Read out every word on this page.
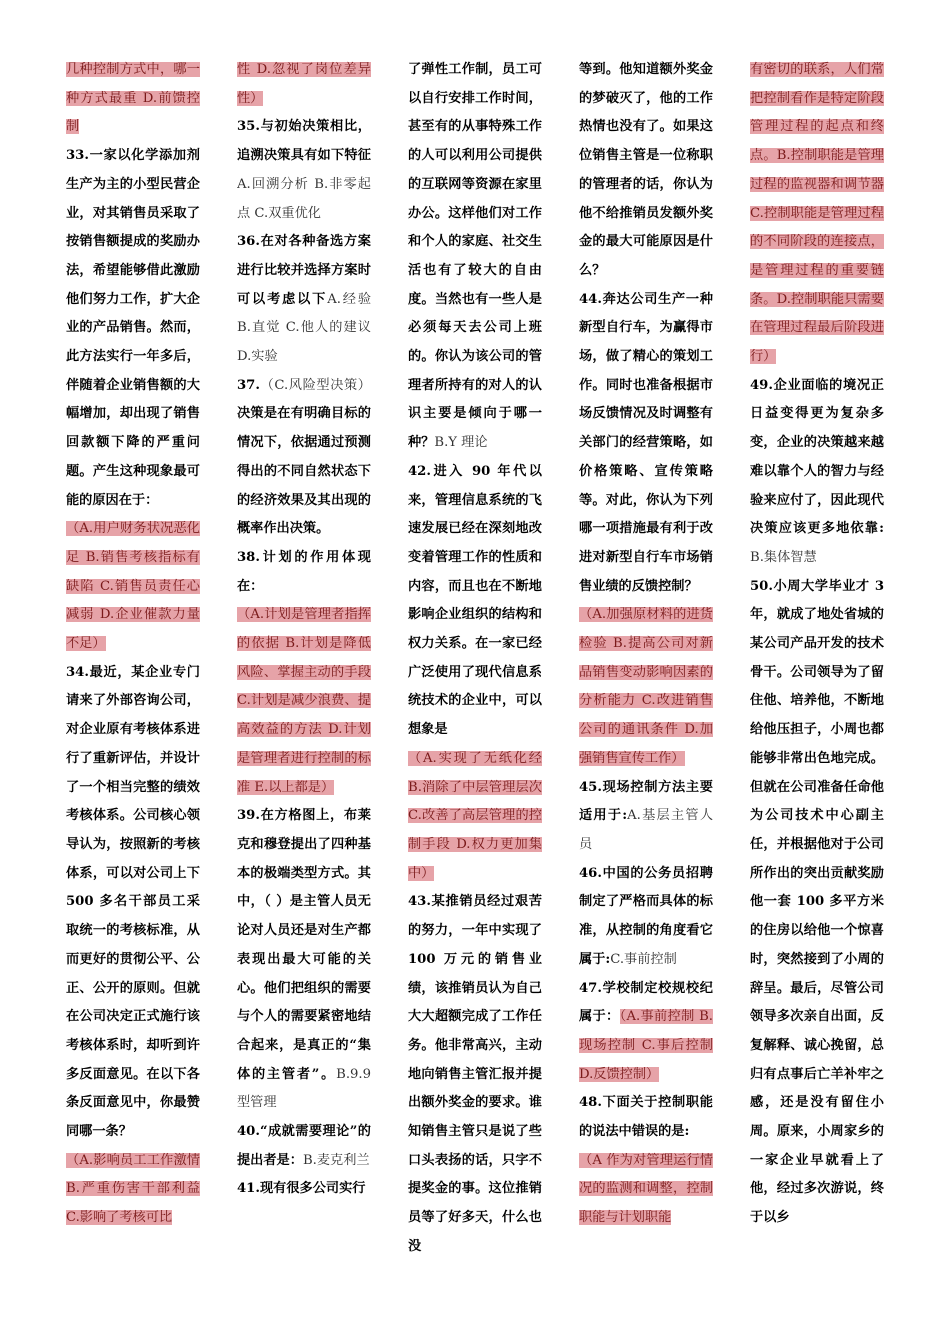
几种控制方式中，哪一种方式最重 D.前馈控制

33.一家以化学添加剂生产为主的小型民营企业，对其销售员采取了按销售额提成的奖励办法，希望能够借此激励他们努力工作，扩大企业的产品销售。然而，此方法实行一年多后，伴随着企业销售额的大幅增加，却出现了销售回款额下降的严重问题。产生这种现象最可能的原因在于：

（A.用户财务状况恶化足 B.销售考核指标有缺陷 C.销售员责任心减弱 D.企业催款力量不足）

34.最近，某企业专门请来了外部咨询公司，对企业原有考核体系进行了重新评估，并设计了一个相当完整的绩效考核体系。公司核心领导认为，按照新的考核体系，可以对公司上下 500 多名干部员工采取统一的考核标准，从而更好的贯彻公平、公正、公开的原则。但就在公司决定正式施行该考核体系时，却听到许多反面意见。在以下各条反面意见中，你最赞同哪一条？

（A.影响员工工作激情 B.严重伤害干部利益 C.影响了考核可比

性 D.忽视了岗位差异性）

35.与初始决策相比，追溯决策具有如下特征A.回溯分析 B.非零起点 C.双重优化

36.在对各种备选方案进行比较并选择方案时可以考虑以下A.经验 B.直觉 C.他人的建议 D.实验

37.（C.风险型决策）决策是在有明确目标的情况下，依据通过预测得出的不同自然状态下的经济效果及其出现的概率作出决策。

38.计划的作用体现在：

（A.计划是管理者指挥的依据 B.计划是降低风险、掌握主动的手段 C.计划是减少浪费、提高效益的方法 D.计划是管理者进行控制的标准 E.以上都是）

39.在方格图上，布莱克和穆登提出了四种基本的极端类型方式。其中，（ ）是主管人员无论对人员还是对生产都表现出最大可能的关心。他们把组织的需要与个人的需要紧密地结合起来，是真正的“集体的主管者”。B.9.9 型管理

40.“成就需要理论”的提出者是：B.麦克利兰

41.现有很多公司实行

了弹性工作制，员工可以自行安排工作时间，甚至有的从事特殊工作的人可以利用公司提供的互联网等资源在家里办公。这样他们对工作和个人的家庭、社交生活也有了较大的自由度。当然也有一些人是必须每天去公司上班的。你认为该公司的管理者所持有的对人的认识主要是倾向于哪一种？B.Y 理论

42.进入 90 年代以来，管理信息系统的飞速发展已经在深刻地改变着管理工作的性质和内容，而且也在不断地影响企业组织的结构和权力关系。在一家已经广泛使用了现代信息系统技术的企业中，可以想象是

（A.实现了无纸化经 B.消除了中层管理层次 C.改善了高层管理的控制手段 D.权力更加集中）

43.某推销员经过艰苦的努力，一年中实现了 100 万元的销售业绩，该推销员认为自己大大超额完成了工作任务。他非常高兴，主动地向销售主管汇报并提出额外奖金的要求。谁知销售主管只是说了些口头表扬的话，只字不提奖金的事。这位推销员等了好多天，什么也没

等到。他知道额外奖金的梦破灭了，他的工作热情也没有了。如果这位销售主管是一位称职的管理者的话，你认为他不给推销员发额外奖金的最大可能原因是什么？

44.奔达公司生产一种新型自行车，为赢得市场，做了精心的策划工作。同时也准备根据市场反馈情况及时调整有关部门的经营策略，如价格策略、宣传策略等。对此，你认为下列哪一项措施最有利于改进对新型自行车市场销售业绩的反馈控制？

（A.加强原材料的进货检验 B.提高公司对新品销售变动影响因素的分析能力 C.改进销售公司的通讯条件 D.加强销售宣传工作）

45.现场控制方法主要适用于:A.基层主管人员

46.中国的公务员招聘制定了严格而具体的标准，从控制的角度看它属于:C.事前控制

47.学校制定校规校纪属于：（A.事前控制 B.现场控制 C.事后控制 D.反馈控制）

48.下面关于控制职能的说法中错误的是:

（A 作为对管理运行情况的监测和调整，控制职能与计划职能

有密切的联系，人们常把控制看作是特定阶段管理过程的起点和终点。B.控制职能是管理过程的监视器和调节器 C.控制职能是管理过程的不同阶段的连接点，是管理过程的重要链条。D.控制职能只需要在管理过程最后阶段进行）

49.企业面临的境况正日益变得更为复杂多变，企业的决策越来越难以靠个人的智力与经验来应付了，因此现代决策应该更多地依靠:B.集体智慧

50.小周大学毕业才 3 年，就成了地处省城的某公司产品开发的技术骨干。公司领导为了留住他、培养他，不断地给他压担子，小周也都能够非常出色地完成。但就在公司准备任命他为公司技术中心副主任，并根据他对于公司所作出的突出贡献奖励他一套 100 多平方米的住房以给他一个惊喜时，突然接到了小周的辞呈。最后，尽管公司领导多次亲自出面，反复解释、诚心挽留，总归有点事后亡羊补牢之感，还是没有留住小周。原来，小周家乡的一家企业早就看上了他，经过多次游说，终于以乡
